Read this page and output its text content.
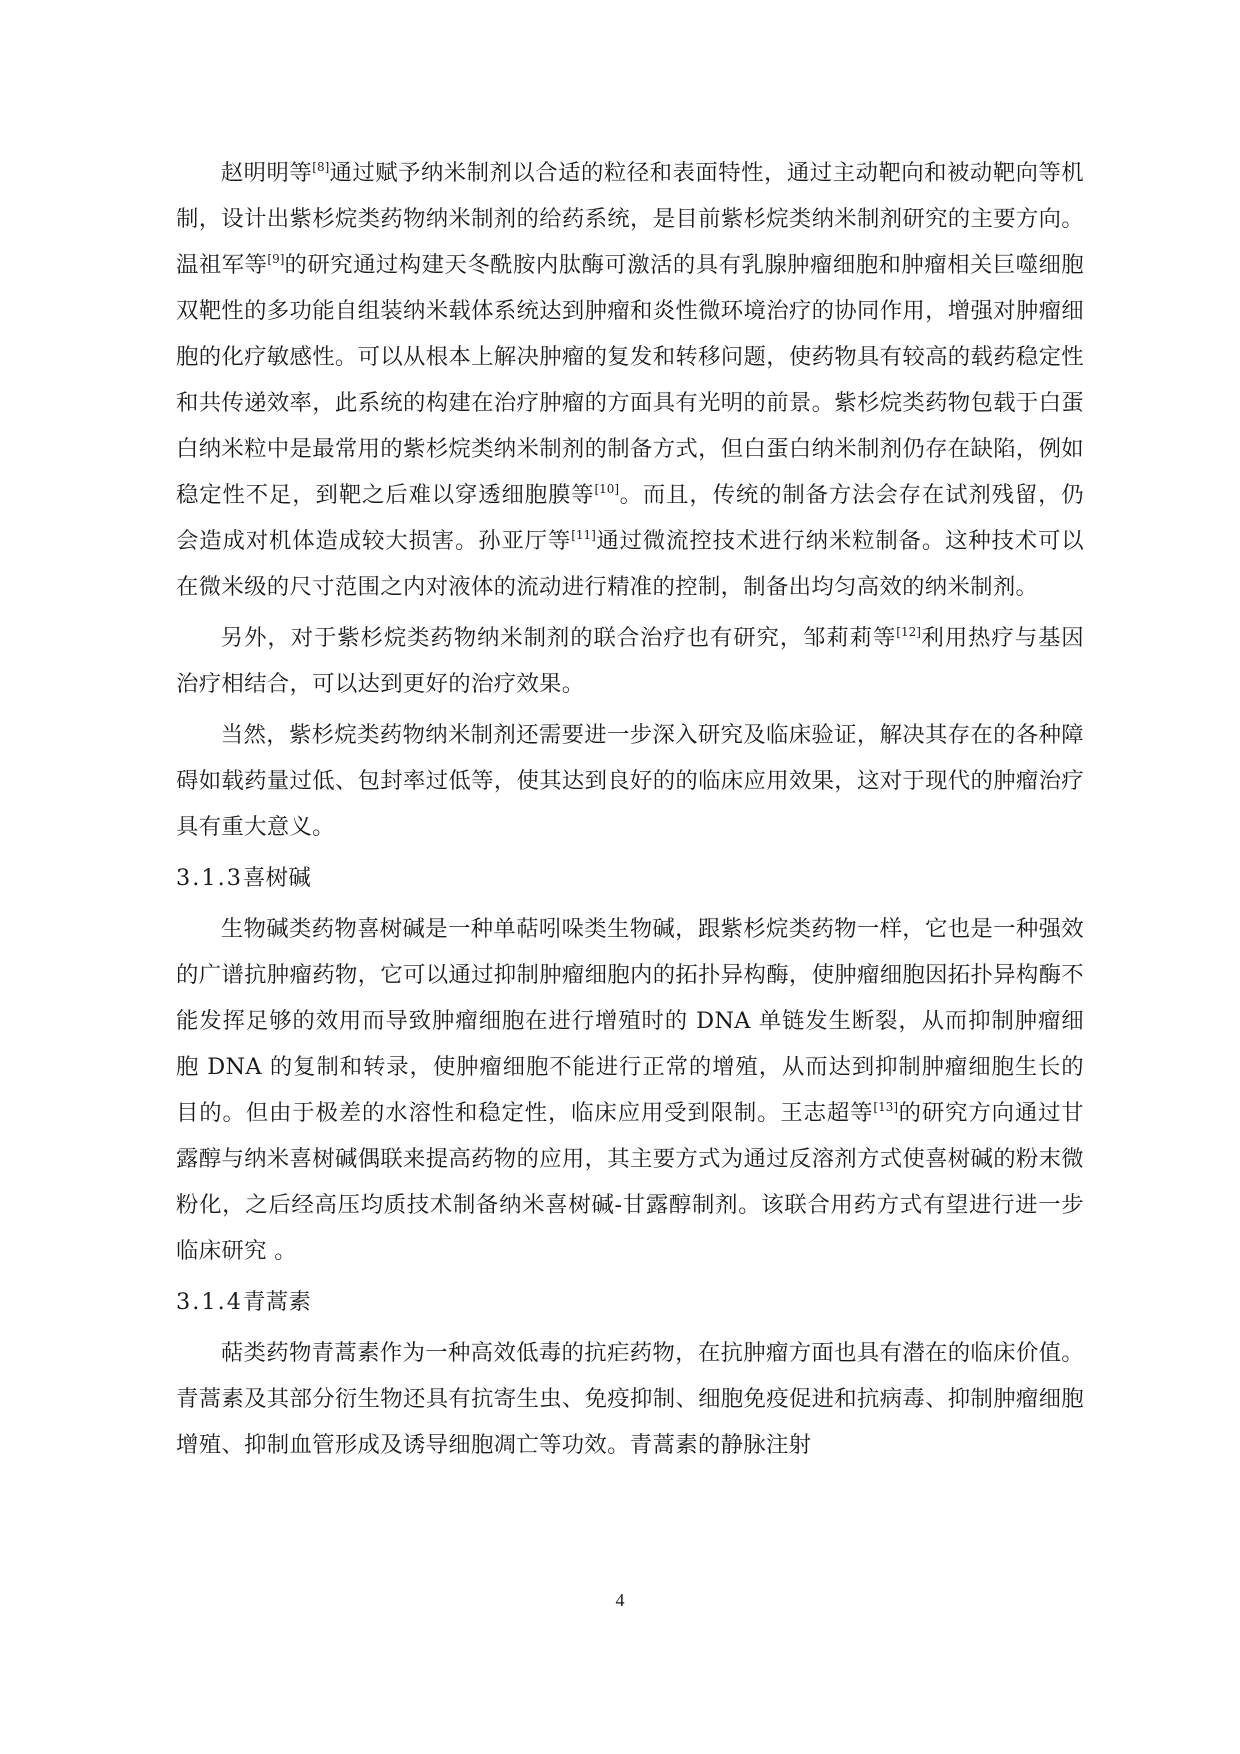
赵明明等[8]通过赋予纳米制剂以合适的粒径和表面特性，通过主动靶向和被动靶向等机制，设计出紫杉烷类药物纳米制剂的给药系统，是目前紫杉烷类纳米制剂研究的主要方向。温祖军等[9]的研究通过构建天冬酰胺内肽酶可激活的具有乳腺肿瘤细胞和肿瘤相关巨噬细胞双靶性的多功能自组装纳米载体系统达到肿瘤和炎性微环境治疗的协同作用，增强对肿瘤细胞的化疗敏感性。可以从根本上解决肿瘤的复发和转移问题，使药物具有较高的载药稳定性和共传递效率，此系统的构建在治疗肿瘤的方面具有光明的前景。紫杉烷类药物包载于白蛋白纳米粒中是最常用的紫杉烷类纳米制剂的制备方式，但白蛋白纳米制剂仍存在缺陷，例如稳定性不足，到靶之后难以穿透细胞膜等[10]。而且，传统的制备方法会存在试剂残留，仍会造成对机体造成较大损害。孙亚厅等[11]通过微流控技术进行纳米粒制备。这种技术可以在微米级的尺寸范围之内对液体的流动进行精准的控制，制备出均匀高效的纳米制剂。

另外，对于紫杉烷类药物纳米制剂的联合治疗也有研究，邹莉莉等[12]利用热疗与基因治疗相结合，可以达到更好的治疗效果。

当然，紫杉烷类药物纳米制剂还需要进一步深入研究及临床验证，解决其存在的各种障碍如载药量过低、包封率过低等，使其达到良好的的临床应用效果，这对于现代的肿瘤治疗具有重大意义。

3.1.3喜树碱

生物碱类药物喜树碱是一种单萜吲哚类生物碱，跟紫杉烷类药物一样，它也是一种强效的广谱抗肿瘤药物，它可以通过抑制肿瘤细胞内的拓扑异构酶，使肿瘤细胞因拓扑异构酶不能发挥足够的效用而导致肿瘤细胞在进行增殖时的 DNA 单链发生断裂，从而抑制肿瘤细胞 DNA 的复制和转录，使肿瘤细胞不能进行正常的增殖，从而达到抑制肿瘤细胞生长的目的。但由于极差的水溶性和稳定性，临床应用受到限制。王志超等[13]的研究方向通过甘露醇与纳米喜树碱偶联来提高药物的应用，其主要方式为通过反溶剂方式使喜树碱的粉末微粉化，之后经高压均质技术制备纳米喜树碱-甘露醇制剂。该联合用药方式有望进行进一步临床研究 。

3.1.4青蒿素

萜类药物青蒿素作为一种高效低毒的抗疟药物，在抗肿瘤方面也具有潜在的临床价值。青蒿素及其部分衍生物还具有抗寄生虫、免疫抑制、细胞免疫促进和抗病毒、抑制肿瘤细胞增殖、抑制血管形成及诱导细胞凋亡等功效。青蒿素的静脉注射

4
